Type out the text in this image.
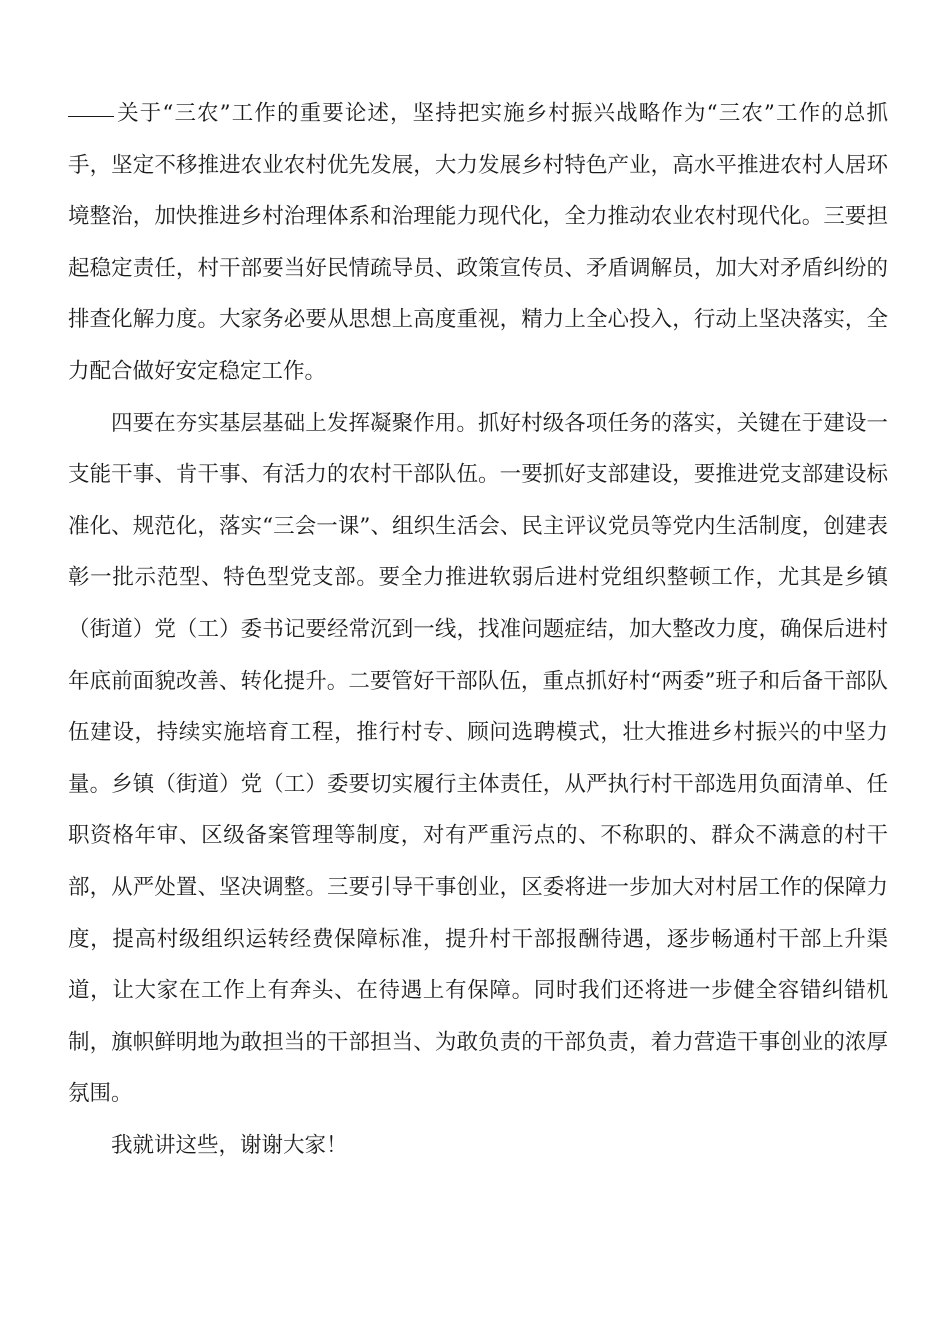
关于“三农”工作的重要论述，坚持把实施乡村振兴战略作为“三农”工作的总抓手，坚定不移推进农业农村优先发展，大力发展乡村特色产业，高水平推进农村人居环境整治，加快推进乡村治理体系和治理能力现代化，全力推动农业农村现代化。三要担起稳定责任，村干部要当好民情疏导员、政策宣传员、矛盾调解员，加大对矛盾纠纷的排查化解力度。大家务必要从思想上高度重视，精力上全心投入，行动上坚决落实，全力配合做好安定稳定工作。

四要在夯实基层基础上发挥凝聚作用。抓好村级各项任务的落实，关键在于建设一支能干事、肯干事、有活力的农村干部队伍。一要抓好支部建设，要推进党支部建设标准化、规范化，落实“三会一课”、组织生活会、民主评议党员等党内生活制度，创建表彰一批示范型、特色型党支部。要全力推进软弱后进村党组织整顿工作，尤其是乡镇（街道）党（工）委书记要经常沉到一线，找准问题症结，加大整改力度，确保后进村年底前面貌改善、转化提升。二要管好干部队伍，重点抓好村“两委”班子和后备干部队伍建设，持续实施培育工程，推行村专、顾问选聘模式，壮大推进乡村振兴的中坚力量。乡镇（街道）党（工）委要切实履行主体责任，从严执行村干部选用负面清单、任职资格年审、区级备案管理等制度，对有严重污点的、不称职的、群众不满意的村干部，从严处置、坚决调整。三要引导干事创业，区委将进一步加大对村居工作的保障力度，提高村级组织运转经费保障标准，提升村干部报酬待遇，逐步畅通村干部上升渠道，让大家在工作上有奔头、在待遇上有保障。同时我们还将进一步健全容错纠错机制，旗帜鲜明地为敢担当的干部担当、为敢负责的干部负责，着力营造干事创业的浓厚氛围。

我就讲这些，谢谢大家！
